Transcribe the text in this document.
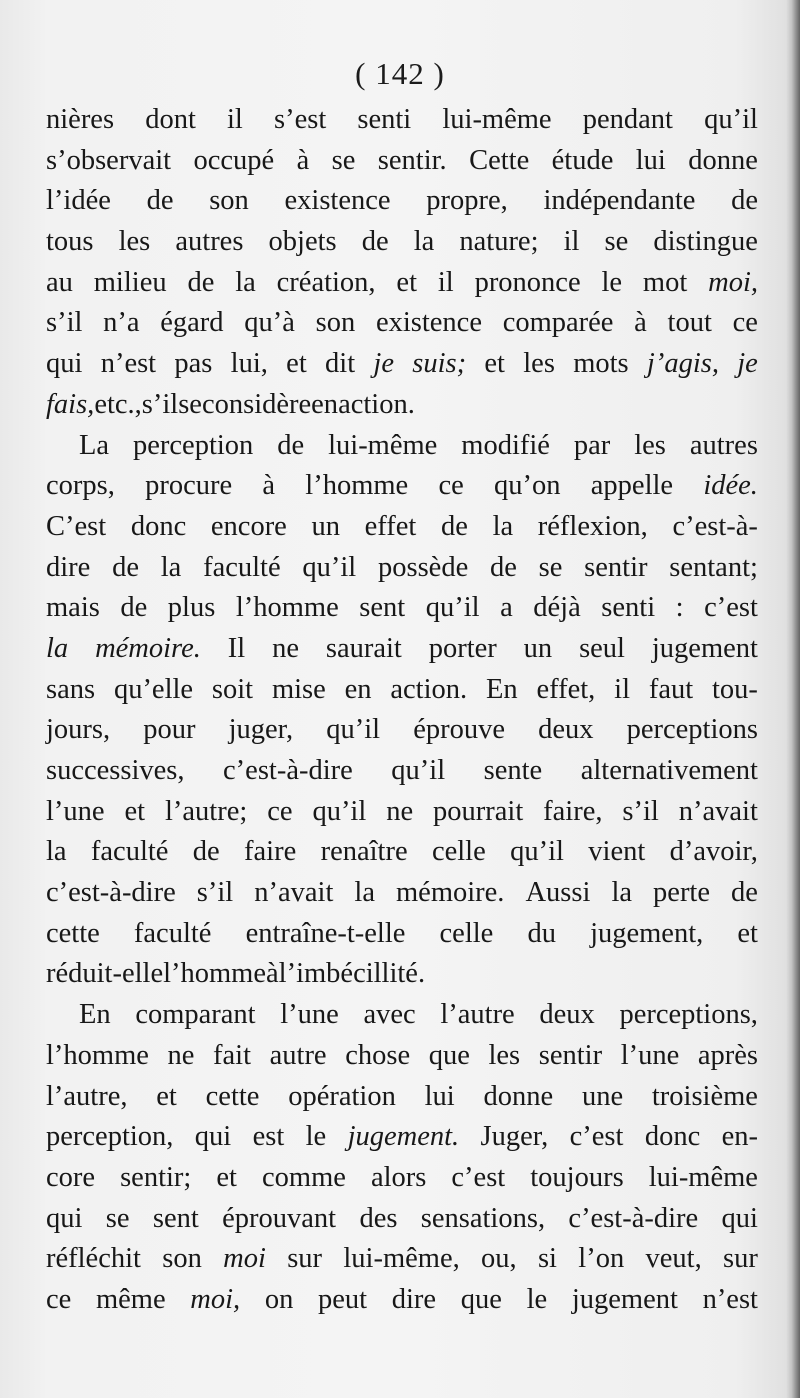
( 142 )
nières dont il s’est senti lui-même pendant qu’il
s’observait occupé à se sentir. Cette étude lui donne
l’idée de son existence propre, indépendante de
tous les autres objets de la nature; il se distingue
au milieu de la création, et il prononce le mot moi,
s’il n’a égard qu’à son existence comparée à tout ce
qui n’est pas lui, et dit je suis; et les mots j’agis, je
fais, etc., s’il se considère en action.
La perception de lui-même modifié par les autres
corps, procure à l’homme ce qu’on appelle idée.
C’est donc encore un effet de la réflexion, c’est-à-
dire de la faculté qu’il possède de se sentir sentant;
mais de plus l’homme sent qu’il a déjà senti : c’est
la mémoire. Il ne saurait porter un seul jugement
sans qu’elle soit mise en action. En effet, il faut tou-
jours, pour juger, qu’il éprouve deux perceptions
successives, c’est-à-dire qu’il sente alternativement
l’une et l’autre; ce qu’il ne pourrait faire, s’il n’avait
la faculté de faire renaître celle qu’il vient d’avoir,
c’est-à-dire s’il n’avait la mémoire. Aussi la perte de
cette faculté entraîne-t-elle celle du jugement, et
réduit-elle l’homme à l’imbécillité.
En comparant l’une avec l’autre deux perceptions,
l’homme ne fait autre chose que les sentir l’une après
l’autre, et cette opération lui donne une troisième
perception, qui est le jugement. Juger, c’est donc en-
core sentir; et comme alors c’est toujours lui-même
qui se sent éprouvant des sensations, c’est-à-dire qui
réfléchit son moi sur lui-même, ou, si l’on veut, sur
ce même moi, on peut dire que le jugement n’est
